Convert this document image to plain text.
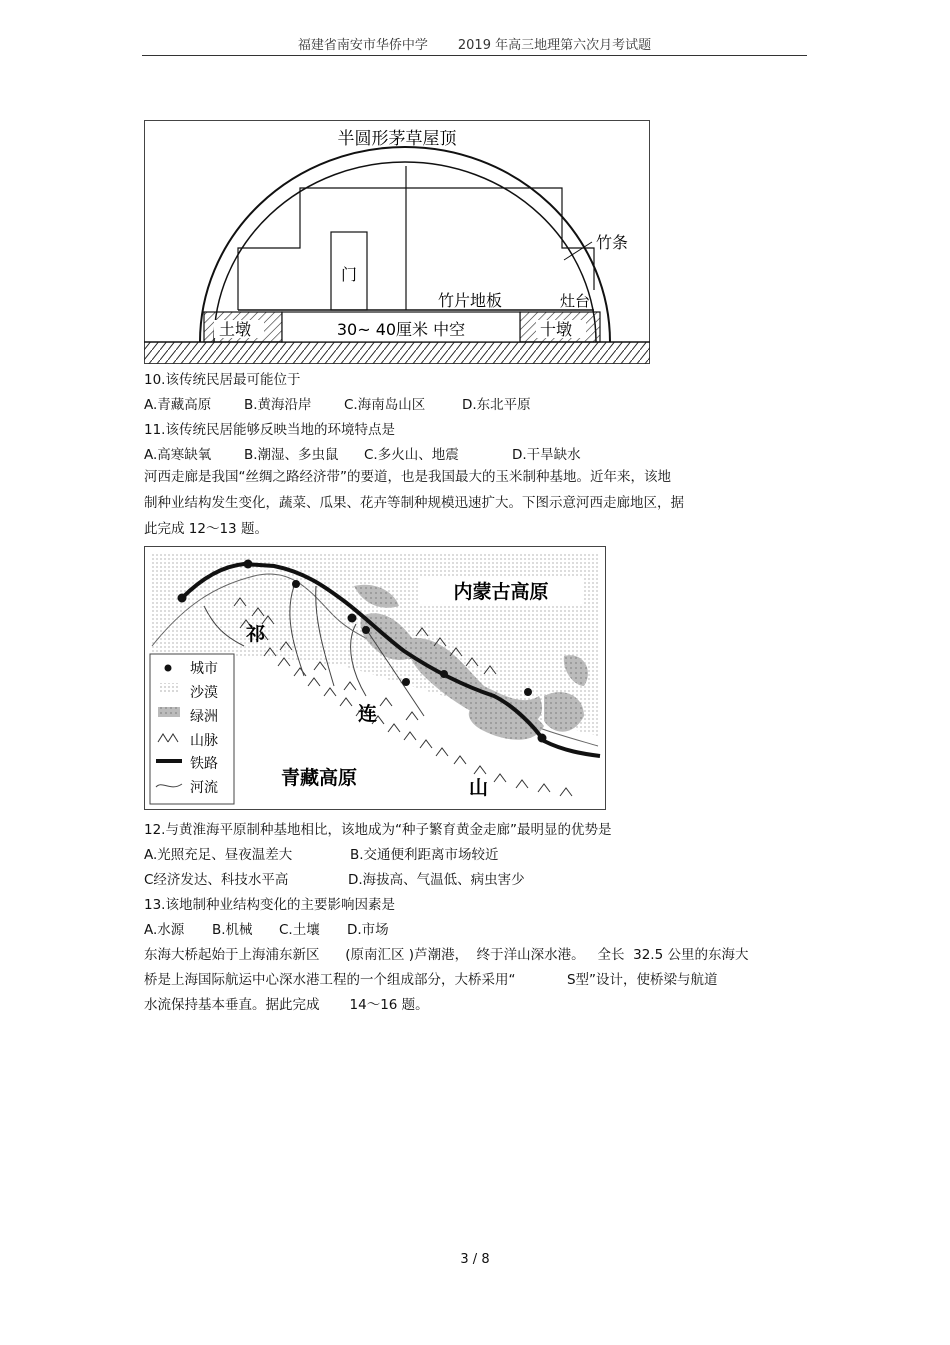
福建省南安市华侨中学 2019 年高三地理第六次月考试题
半圆形茅草屋顶
门
竹条
竹片地板	灶台
土墩	十墩
30~ 40厘米 中空
10.该传统民居最可能位于
A.青藏高原 B.黄海沿岸 C.海南岛山区	D.东北平原
11.该传统民居能够反映当地的环境特点是
A.高寒缺氧 B.潮湿、多虫鼠 C.多火山、地震	D.干旱缺水
河西走廊是我国“丝绸之路经济带”的要道，也是我国最大的玉米制种基地。近年来，该地
制种业结构发生变化，蔬菜、瓜果、花卉等制种规模迅速扩大。下图示意河西走廊地区，据
此完成 12～13 题。
内蒙古高原
青藏高原
祁
连
山
城市
沙漠
绿洲
山脉
铁路
河流
12.与黄淮海平原制种基地相比，该地成为“种子繁育黄金走廊”最明显的优势是
A.光照充足、昼夜温差大	B.交通便利距离市场较近
C经济发达、科技水平高	D.海拔高、气温低、病虫害少
13.该地制种业结构变化的主要影响因素是
A.水源 B.机械 C.土壤 D.市场
东海大桥起始于上海浦东新区      (原南汇区 )芦潮港，  终于洋山深水港。   全长  32.5 公里的东海大
桥是上海国际航运中心深水港工程的一个组成部分，大桥采用“            S型”设计，使桥梁与航道
水流保持基本垂直。据此完成       14～16 题。
3 / 8
